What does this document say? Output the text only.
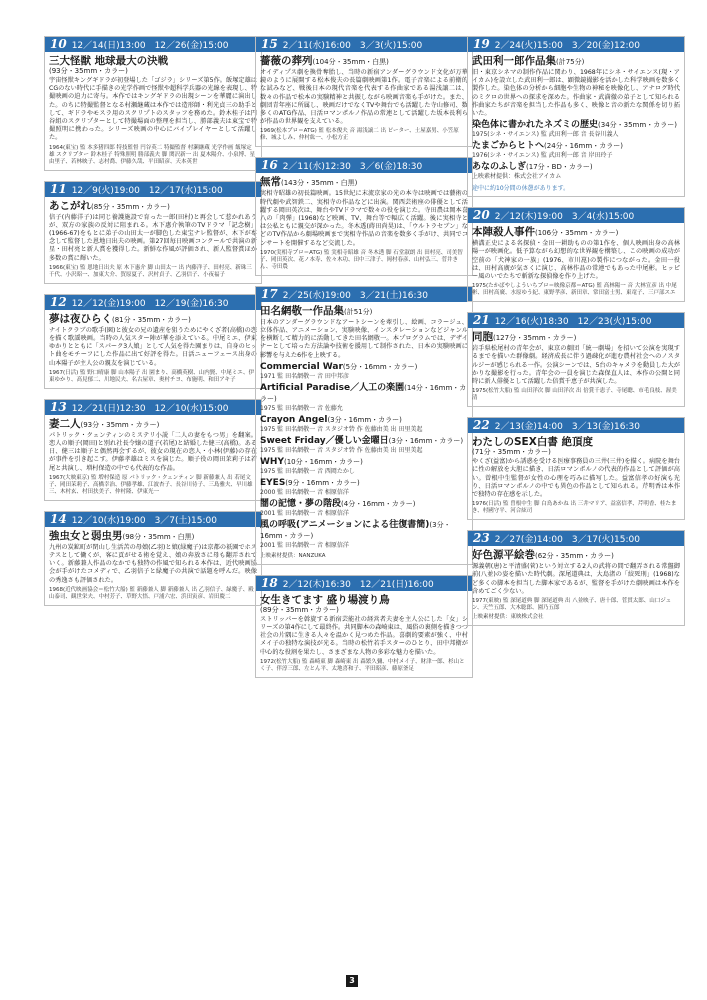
10 12／14(日)13:00　12／26(金)15:00
三大怪獣 地球最大の決戦
(93分・35mm・カラー)
宇宙怪獣キングギドラが初登場した「ゴジラ」シリーズ第5作。飯塚定雄はCGのない時代に手描きの光学作画で怪獣や超科学兵器の光線を表現し、特撮映画の迫力に寄与。本作ではキングギドラの出現シーンを華麗に演出した。のちに特撮監督となる村瀬継蔵は本作では造形師・利光貞三の助手として、ギドラやモスラ用のスクリプトのスタッフを務めた。鈴木桂子は円谷組のスクリプターとして特撮場面の整理を担当し、勝部義夫は東宝で特撮照明に携わった。シリーズ映画の中心にバイプレイヤーとして活躍した。
1964(東宝) 監 本多猪四郎 特技監督 円谷英二 特撮監督 村瀬継蔵 光学作画 飯塚定雄 スクリプター 鈴木桂子 特殊照明 勝部義夫 脚 関沢新一 出 夏木陽介、小泉博、星由里子、若林映子、志村喬、伊藤久哉、平田昭彦、天本英世
11 12／9(火)19:00　12／17(水)15:00
あこがれ(85分・35mm・カラー)
信子(内藤洋子)は同じ養護施設で育った一郎(田村)と再会して惹かれあうが、双方の家族の反対に阻まれる。木下惠介執筆のTVドラマ「記念樹」(1966-67)をもとに弟子の山田太一が脚色した東宝ナレ監督が、木下が専念して監督した恩地日出夫の映画。第27回毎日映画コンクールで共演の新星・田村亮と新人賞を獲得した。新鮮な作風が評価され、新人監督賞ほか多数の賞に輝いた。
1966(東宝) 監 恩地日出夫 原 木下惠介 脚 山田太一 出 内藤洋子、田村亮、新珠三千代、小沢昭一、加東大介、賀原夏子、沢村貞子、乙羽信子、小夜福子
12 12／12(金)19:00　12／19(金)16:30
夢は夜ひらく(81分・35mm・カラー)
ナイトクラブの歌手(園)と彼女の兄の遺産を狙うためにやくざ者(高橋)の恋を描く歌謡映画。当時の人気スター陣が華を添えている。中尾ミエ、伊東ゆかりとともに「スパーク3人娘」として人気を得た園まりは、自身のヒット曲をモチーフにした作品に出て好評を得た。日活ニューフェース出身の山本陽子が主人公の親友を演じている。
1967(日活) 監 野口晴康 脚 山本陽子 出 園まり、高橋英樹、山内賢、中尾ミエ、伊東ゆかり、高見郁二、川地民夫、名古屋章、奥村チヨ、布施明、和田アキ子
13 12／21(日)12:30　12／10(水)15:00
妻二人(93分・35mm・カラー)
パトリック・クェンティンのミステリ小説「二人の妻をもつ男」を翻案。恋人の順子(岡田)と別れ社長令嬢の道子(若尾)と結婚した健三(高橋)。ある日、健三は順子と偶然再会するが、彼女の現在の恋人・小林(伊藤)の存在が事件を引き起こす。伊藤孝雄はミスを演じた。順子役の岡田茉莉子は若尾と共演し、増村保造の中でも代表的な作品。
1967(大映東京) 監 増村保造 原 パトリック・クェンティン 脚 新藤兼人 出 若尾文子、岡田茉莉子、高橋幸治、伊藤孝雄、江波杏子、長谷川待子、三島雅夫、早川雄三、木村玄、村田扶美子、仲村隆、伊東光一
14 12／10(水)19:00　3／7(土)15:00
強虫女と弱虫男(98分・35mm・白黒)
九州の炭鉱町が閉山し生活苦の母娘(乙羽)と娘(緑魔子)は京都の祇園でホステスとして働くが、客に貢がせる術を覚え、娘の奔放さに母も翻弄されていく。新藤兼人作品のなかでも独特の作風で知られる本作は、近代映画協会が手がけたコメディで、乙羽信子と緑魔子の共演で話題を呼んだ。映像の秀逸さも評価された。
1968(近代映画協会＝松竹大船) 監 新藤兼人 脚 新藤兼人 出 乙羽信子、緑魔子、殿山泰司、観世栄夫、中村芳子、草野大悟、戸浦六宏、浜田寅彦、岩田慶二
15 2／11(水)16:00　3／3(火)15:00
薔薇の葬列(104分・35mm・白黒)
オイディプス劇を換骨奪胎し、当時の新宿アンダーグラウンド文化が万華鏡のように展開する松本俊夫の長篇劇映画第1作。電子音楽による前衛的な試みなど、戦後日本の現代音楽を代表する作曲家である湯浅譲二は、数々の作品で松本の実験精神と共振しながら映画音楽も手がけた。また、劇団青年座に所属し、映画だけでなくTVや舞台でも活躍した寺山修司、数多くのATG作品、日活ロマンポルノ作品の常連として活躍した坂本長利らが作品の世界観を支えている。
1969(松本プロ＝ATG) 監 松本俊夫 音 湯浅譲二 出 ピーター、土屋嘉男、小笠原修、城よしみ、仲村紘一、小松方正
16 2／11(水)12:30　3／6(金)18:30
無常(143分・35mm・白黒)
実相寺昭雄の初長篇映画。15世紀に末流京家の光の本寺は映画では藝術の時代劇や武智鉄二、実相寺の作品などに出演。関西芸術座の俳優として活躍する岡田英次は、舞台やTVドラマで数々の役を演じた。寺田農は岡本喜八の「肉弾」(1968)など映画、TV、舞台等で幅広く活躍。後に実相寺とは公私ともに親交が深かった。冬木透(蒔田尚昊)は、「ウルトラセブン」などのTV作品から劇場映画まで実相寺作品の音楽を数多く手がけ、共同でコンサートを開催するなど交流した。
1970(実相寺プロ＝ATG) 監 実相寺昭雄 音 冬木透 脚 石堂淑朗 出 田村亮、司美智子、岡田英次、花ノ本寿、佐々木功、田中三津子、岡村春彦、山村弘三、菅井きん、寺田農
17 2／25(水)19:00　3／21(土)16:30
田名網敬一作品集(計51分)
日本のアンダーグラウンドなアートシーンを牽引し、絵画、コラージュ、立体作品、アニメーション、実験映像、インスタレーションなどジャンルを横断して精力的に活動してきた田名網敬一。本プログラムでは、デザイナーとして培った方法論や技術を援用して制作された、日本の実験映画に影響を与えた6作を上映する。
Commercial War(5分・16mm・カラー)
1971 監 田名網敬一 音 田中邦彦
Artificial Paradise／人工の楽園(14分・16mm・カラー)
1975 監 田名網敬一 音 佐藤允
Crayon Angel(3分・16mm・カラー)
1975 監 田名網敬一 音 スタジオ砦 作 佐藤由美 出 田里美起
Sweet Friday／優しい金曜日(3分・16mm・カラー)
1975 監 田名網敬一 音 スタジオ砦 作 佐藤由美 出 田里美起
WHY(10分・16mm・カラー)
1975 監 田名網敬一 音 西岡たかし
EYES(9分・16mm・カラー)
2000 監 田名網敬一 音 相原信洋
闇の記憶・夢の階段(4分・16mm・カラー)
2001 監 田名網敬一 音 相原信洋
風の呼吸(アニメーションによる往復書簡)(3分・16mm・カラー)
2001 監 田名網敬一 音 相原信洋
上映素材提供：NANZUKA
18 2／12(木)16:30　12／21(日)16:00
女生きてます 盛り場渡り鳥
(89分・35mm・カラー)
ストリッパーを斡旋する新宿芸能社の経営者夫妻を主人公にした「女」シリーズの第4作にして最終作。共同脚本の森崎東は、風俗の裏側を描きつつ社会の片隅に生きる人々を温かく見つめた作品。喜劇的要素が強く、中村メイ子の独特な演技が光る。当時の松竹若手スターのひとり、田中邦衛が中心的な役割を果たし、さまざまな人物の多彩な魅力を描いた。
1972(松竹大船) 監 森崎東 脚 森崎東 出 森繁久彌、中村メイ子、財津一郎、杉山とく子、伴淳三郎、左とん平、太地喜和子、平田昭彦、藤原釜足
19 2／24(火)15:00　3／20(金)12:00
武田利一郎作品集(計75分)
旧・東京シネマの制作作品に関わり、1968年にシネ・サイエンス(現・アイカム)を設立した武田利一郎は、顕微鏡撮影を活かした科学映画を数多く製作した。染色体の分析から細胞や生物の神秘を映像化し、アナログ時代のミクロの世界への探求を深めた。作曲家・武満徹の弟子として知られる作曲家たちが音楽を担当した作品も多く、映像と音の新たな関係を切り拓いた。
染色体に書かれたネズミの歴史(34分・35mm・カラー)
1975(シネ・サイエンス) 監 武田利一郎 音 長谷川義人
たまごからヒトへ(24分・16mm・カラー)
1976(シネ・サイエンス) 監 武田利一郎 音 岸田玲子
あなのふしぎ(17分・BD・カラー)
上映素材提供：株式会社アイカム
途中に約10分間の休憩があります。
20 2／12(木)19:00　3／4(水)15:00
本陣殺人事件(106分・35mm・カラー)
横溝正史による名探偵・金田一耕助ものの第1作を、個人映画出身の高林陽一が映画化。低予算ながら幻想的な世界観を構築し、この映画の成功が空前の「犬神家の一族」(1976、市川崑)の製作につながった。金田一役は、田村高廣が気さくに演じ、高林作品の常連でもあった中尾彬。ヒッピー風のいでたちで斬新な探偵像を作り上げた。
1975(たかばやしよういちプロ＝映像京都＝ATG) 監 高林陽一 音 大林宣彦 出 中尾彬、田村高廣、水原ゆう紀、東野孝彦、新田章、常田富士男、東竜子、三戸部スエ
21 12／16(火)18:30　12／23(火)15:00
同胞(127分・35mm・カラー)
岩手県松尾村の青年会が、東京の劇団「統一劇場」を招いて公演を実現するまでを描いた群像劇。経済成長に伴う過疎化が進む農村社会へのノスタルジーが感じられる一作。公演シーンでは、5台のキャメラを動員した大がかりな撮影を行った。青年会の一員を演じた森保直人は、本作の公開と同時に新人俳優として活躍した倍賞千恵子が共演した。
1975(松竹大船) 監 山田洋次 脚 山田洋次 出 倍賞千恵子、寺尾聰、市毛良枝、渥美清
22 2／13(金)14:00　3／13(金)16:30
わたしのSEX白書 絶頂度
(71分・35mm・カラー)
やくざ(益富)から誘惑を受ける医療事務員の三井(三井)を描く。病院を舞台に性の解放を大胆に描き、日活ロマンポルノの代表的作品として評価が高い。曽根中生監督が女性の心理を巧みに描写した。益富信孝の好演も光り、日活ロマンポルノの中でも異色の作品として知られる。芹明香は本作で独特の存在感を示した。
1976(日活) 監 曽根中生 脚 白鳥あかね 出 三井マリア、益富信孝、芹明香、桂たまき、村國守平、河合絃司
23 2／27(金)14:00　3／17(火)15:00
好色源平絵巻(62分・35mm・カラー)
源義朝(唐)と平清盛(菅)という対立する2人の武将の間で翻弄される常盤御前(八並)の姿を描いた時代劇。深尾道典は、大島渚の「絞死刑」(1968)など多くの脚本を担当した脚本家であるが、監督を手がけた劇映画は本作を含めてごく少ない。
1977(東映) 監 深尾道典 脚 深尾道典 出 八並映子、唐十郎、菅貫太郎、山口ジュン、天竺五郎、大木聡郎、園乃五郎
上映素材提供：東映株式会社
3
